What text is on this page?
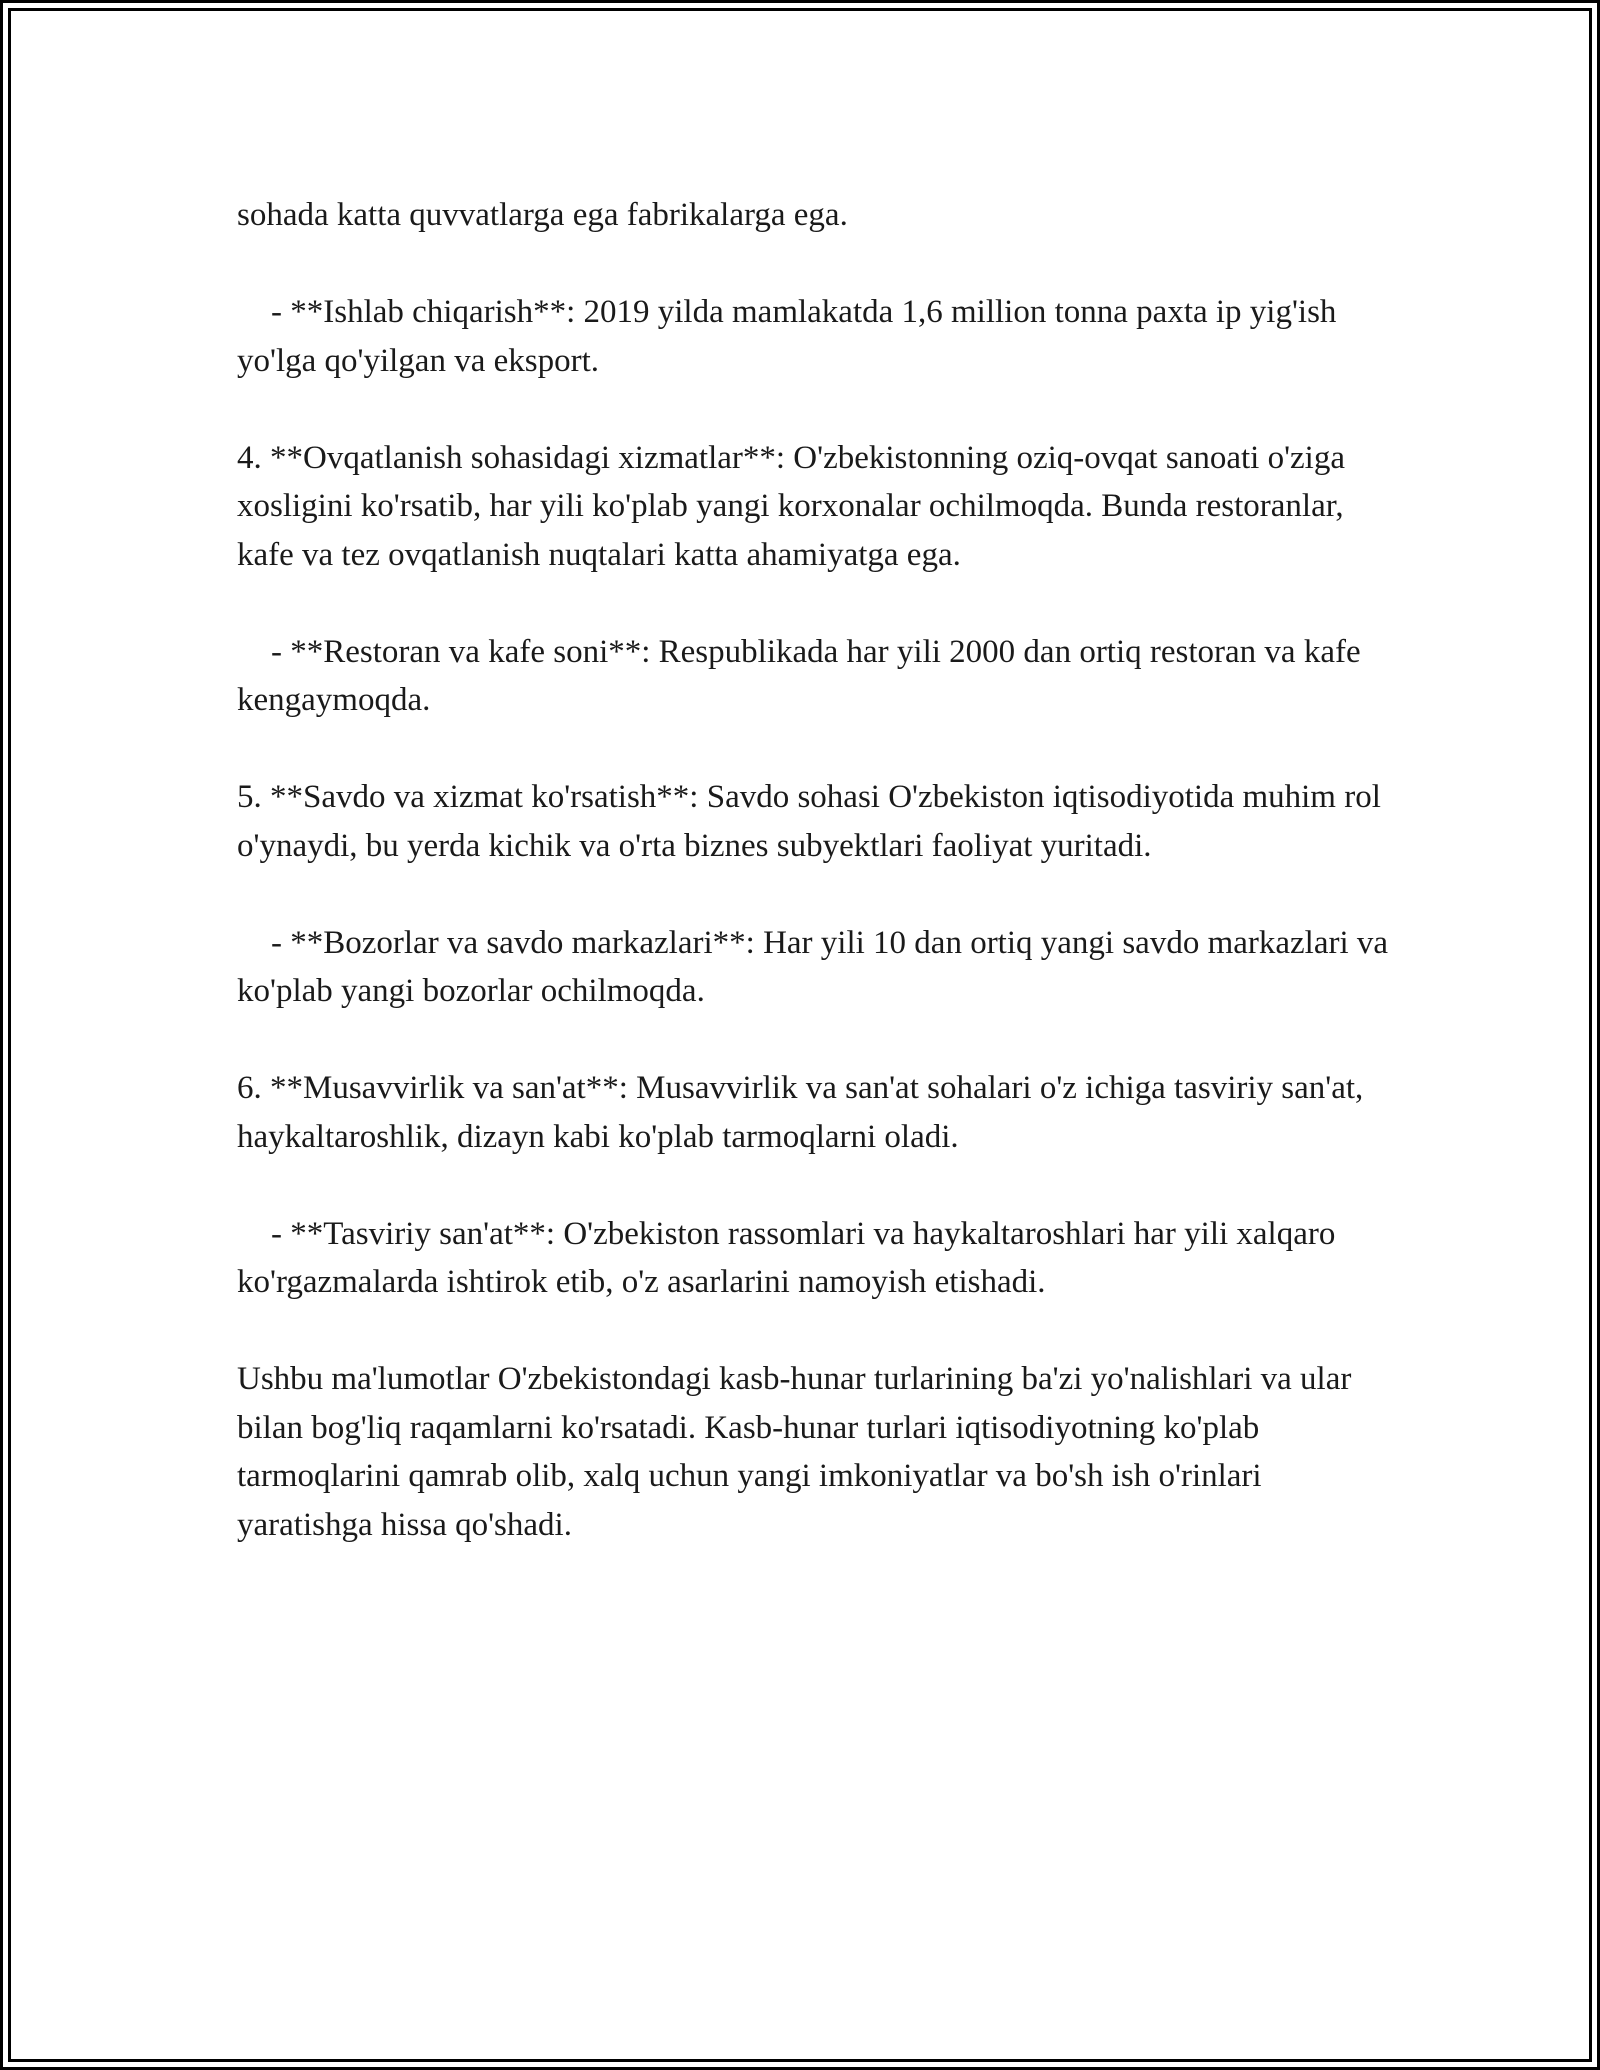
sohada katta quvvatlarga ega fabrikalarga ega.

- **Ishlab chiqarish**: 2019 yilda mamlakatda 1,6 million tonna paxta ip yig'ish yo'lga qo'yilgan va eksport.

4. **Ovqatlanish sohasidagi xizmatlar**: O'zbekistonning oziq-ovqat sanoati o'ziga xosligini ko'rsatib, har yili ko'plab yangi korxonalar ochilmoqda. Bunda restoranlar, kafe va tez ovqatlanish nuqtalari katta ahamiyatga ega.

- **Restoran va kafe soni**: Respublikada har yili 2000 dan ortiq restoran va kafe kengaymoqda.

5. **Savdo va xizmat ko'rsatish**: Savdo sohasi O'zbekiston iqtisodiyotida muhim rol o'ynaydi, bu yerda kichik va o'rta biznes subyektlari faoliyat yuritadi.

- **Bozorlar va savdo markazlari**: Har yili 10 dan ortiq yangi savdo markazlari va ko'plab yangi bozorlar ochilmoqda.

6. **Musavvirlik va san'at**: Musavvirlik va san'at sohalari o'z ichiga tasviriy san'at, haykaltaroshlik, dizayn kabi ko'plab tarmoqlarni oladi.

- **Tasviriy san'at**: O'zbekiston rassomlari va haykaltaroshlari har yili xalqaro ko'rgazmalarda ishtirok etib, o'z asarlarini namoyish etishadi.

Ushbu ma'lumotlar O'zbekistondagi kasb-hunar turlarining ba'zi yo'nalishlari va ular bilan bog'liq raqamlarni ko'rsatadi. Kasb-hunar turlari iqtisodiyotning ko'plab tarmoqlarini qamrab olib, xalq uchun yangi imkoniyatlar va bo'sh ish o'rinlari yaratishga hissa qo'shadi.
